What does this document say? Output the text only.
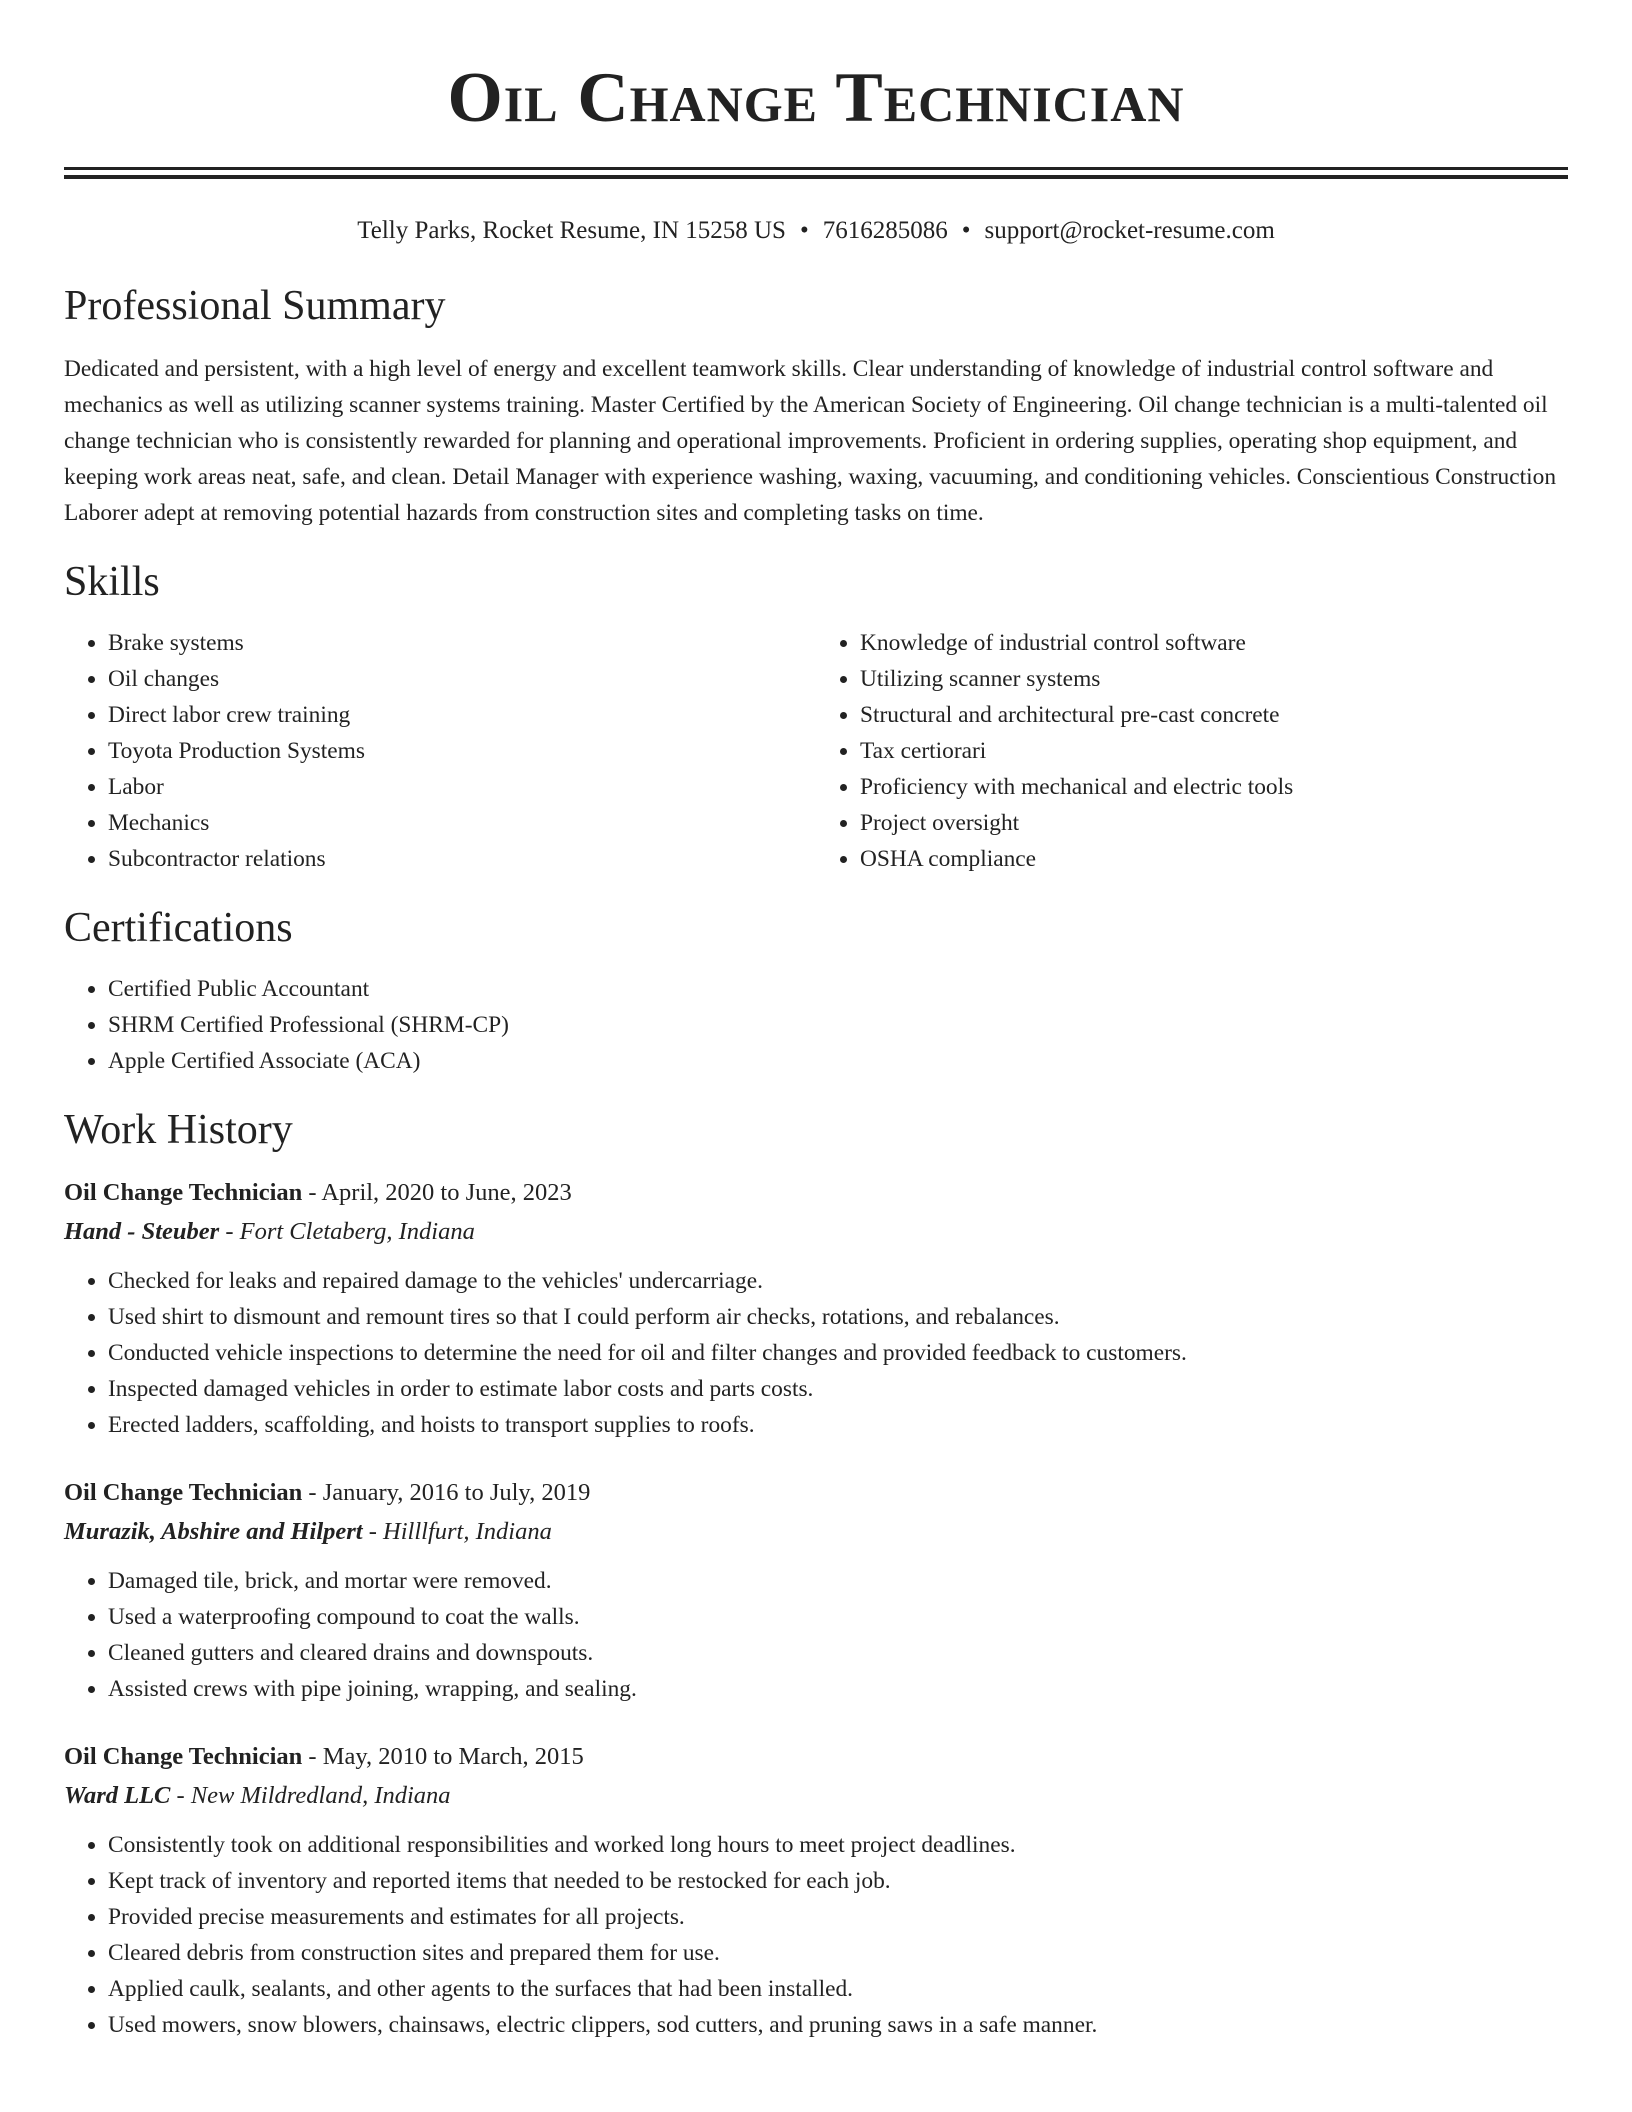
Oil Change Technician
Telly Parks, Rocket Resume, IN 15258 US • 7616285086 • support@rocket-resume.com
Professional Summary
Dedicated and persistent, with a high level of energy and excellent teamwork skills. Clear understanding of knowledge of industrial control software and mechanics as well as utilizing scanner systems training. Master Certified by the American Society of Engineering. Oil change technician is a multi-talented oil change technician who is consistently rewarded for planning and operational improvements. Proficient in ordering supplies, operating shop equipment, and keeping work areas neat, safe, and clean. Detail Manager with experience washing, waxing, vacuuming, and conditioning vehicles. Conscientious Construction Laborer adept at removing potential hazards from construction sites and completing tasks on time.
Skills
• Brake systems
• Oil changes
• Direct labor crew training
• Toyota Production Systems
• Labor
• Mechanics
• Subcontractor relations
• Knowledge of industrial control software
• Utilizing scanner systems
• Structural and architectural pre-cast concrete
• Tax certiorari
• Proficiency with mechanical and electric tools
• Project oversight
• OSHA compliance
Certifications
• Certified Public Accountant
• SHRM Certified Professional (SHRM-CP)
• Apple Certified Associate (ACA)
Work History
Oil Change Technician - April, 2020 to June, 2023
Hand - Steuber - Fort Cletaberg, Indiana
• Checked for leaks and repaired damage to the vehicles' undercarriage.
• Used shirt to dismount and remount tires so that I could perform air checks, rotations, and rebalances.
• Conducted vehicle inspections to determine the need for oil and filter changes and provided feedback to customers.
• Inspected damaged vehicles in order to estimate labor costs and parts costs.
• Erected ladders, scaffolding, and hoists to transport supplies to roofs.
Oil Change Technician - January, 2016 to July, 2019
Murazik, Abshire and Hilpert - Hilllfurt, Indiana
• Damaged tile, brick, and mortar were removed.
• Used a waterproofing compound to coat the walls.
• Cleaned gutters and cleared drains and downspouts.
• Assisted crews with pipe joining, wrapping, and sealing.
Oil Change Technician - May, 2010 to March, 2015
Ward LLC - New Mildredland, Indiana
• Consistently took on additional responsibilities and worked long hours to meet project deadlines.
• Kept track of inventory and reported items that needed to be restocked for each job.
• Provided precise measurements and estimates for all projects.
• Cleared debris from construction sites and prepared them for use.
• Applied caulk, sealants, and other agents to the surfaces that had been installed.
• Used mowers, snow blowers, chainsaws, electric clippers, sod cutters, and pruning saws in a safe manner.
